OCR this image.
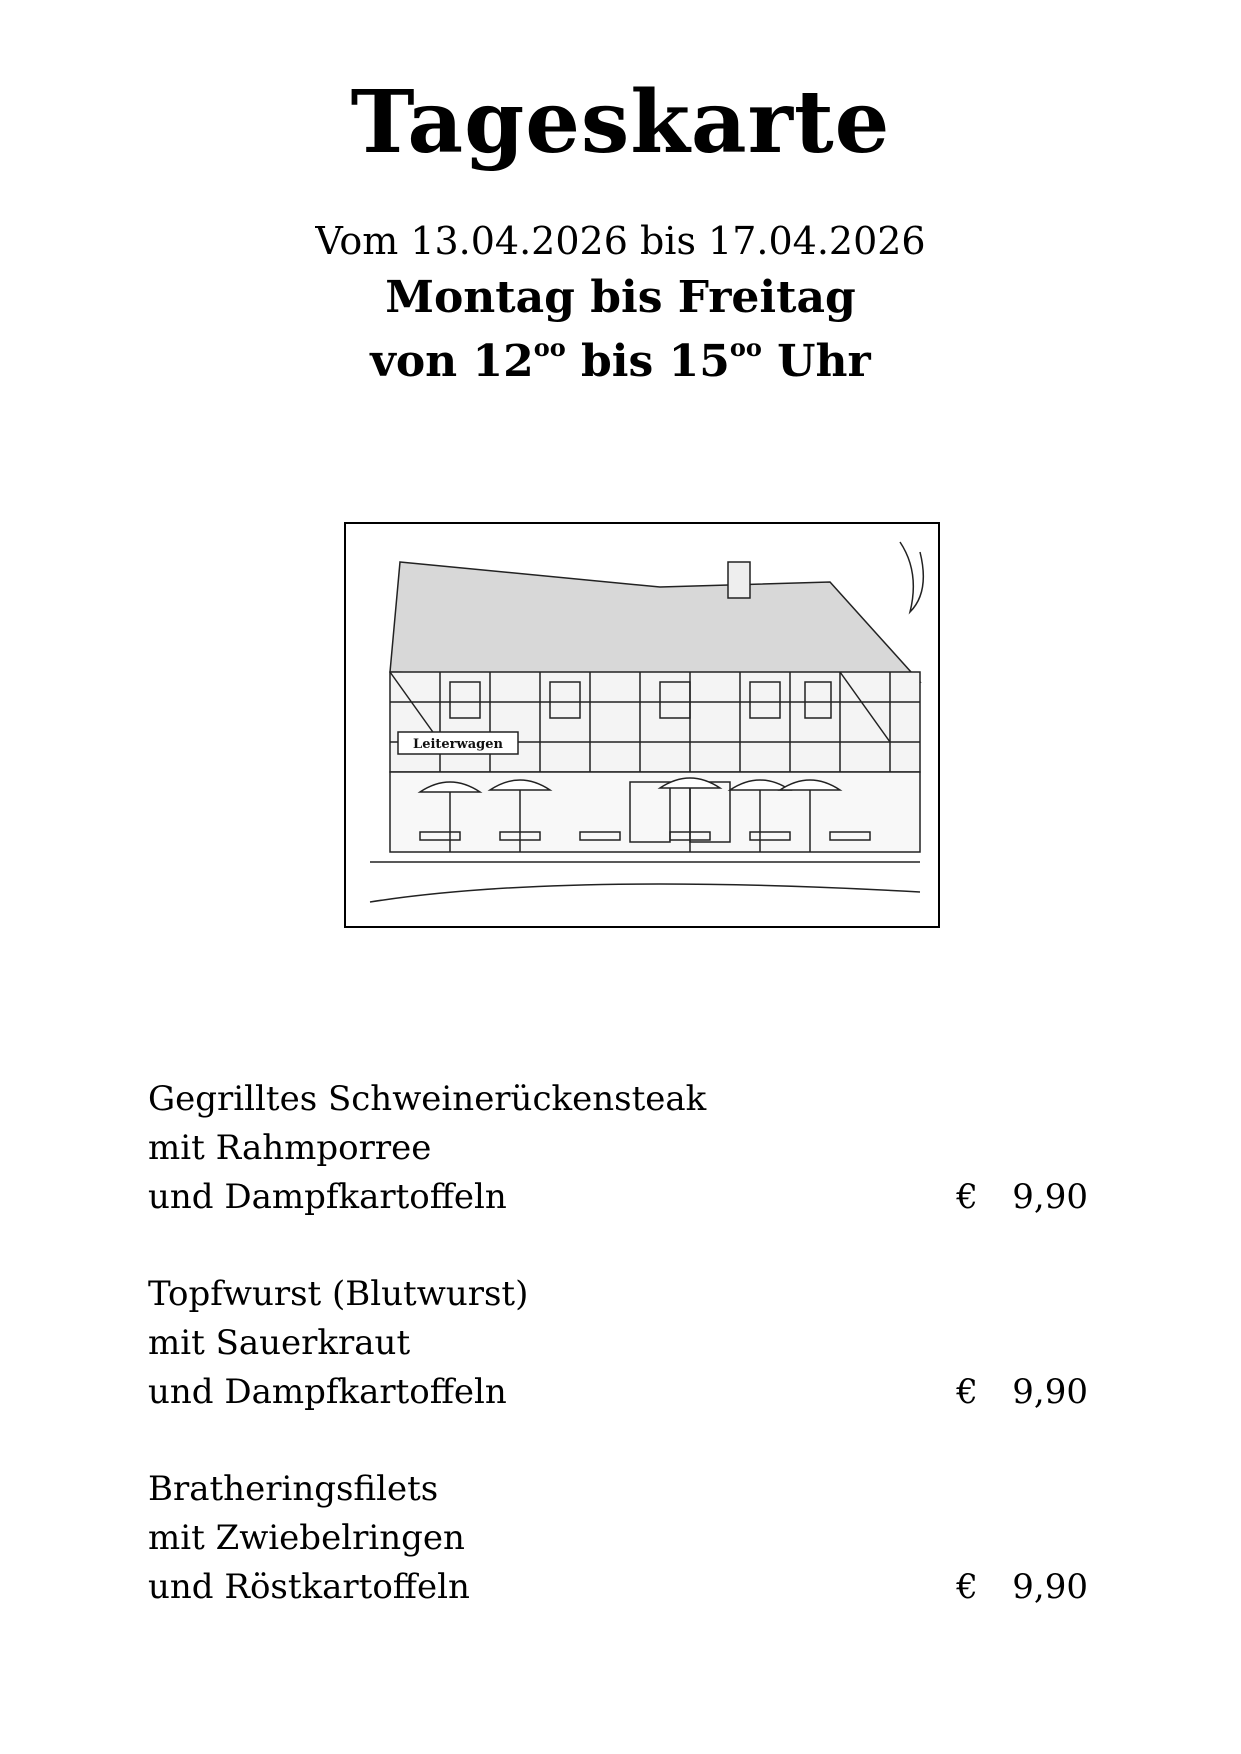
Tageskarte
Vom 13.04.2026 bis 17.04.2026
Montag bis Freitag
von $12^{oo}$ bis $15^{oo}$ Uhr
Leiterwagen
Gegrilltes Schweinerückensteak
mit Rahmporree
und Dampfkartoffeln	€ 9,90
Topfwurst (Blutwurst)
mit Sauerkraut
und Dampfkartoffeln	€ 9,90
Bratheringsfilets
mit Zwiebelringen
und Röstkartoffeln	€ 9,90
